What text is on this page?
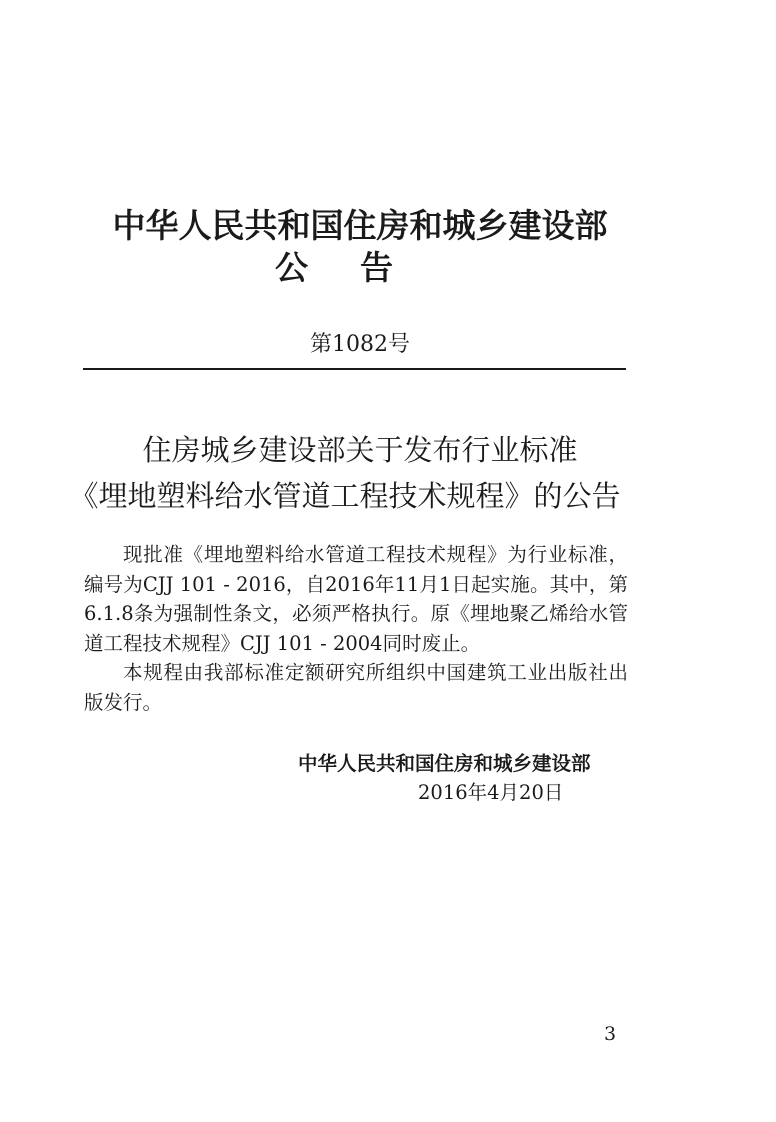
中华人民共和国住房和城乡建设部
公告
第1082号
住房城乡建设部关于发布行业标准
《埋地塑料给水管道工程技术规程》的公告

现批准《埋地塑料给水管道工程技术规程》为行业标准，编号为CJJ 101 - 2016，自2016年11月1日起实施。其中，第6.1.8条为强制性条文，必须严格执行。原《埋地聚乙烯给水管道工程技术规程》CJJ 101 - 2004同时废止。

本规程由我部标准定额研究所组织中国建筑工业出版社出版发行。

中华人民共和国住房和城乡建设部
2016年4月20日
3
